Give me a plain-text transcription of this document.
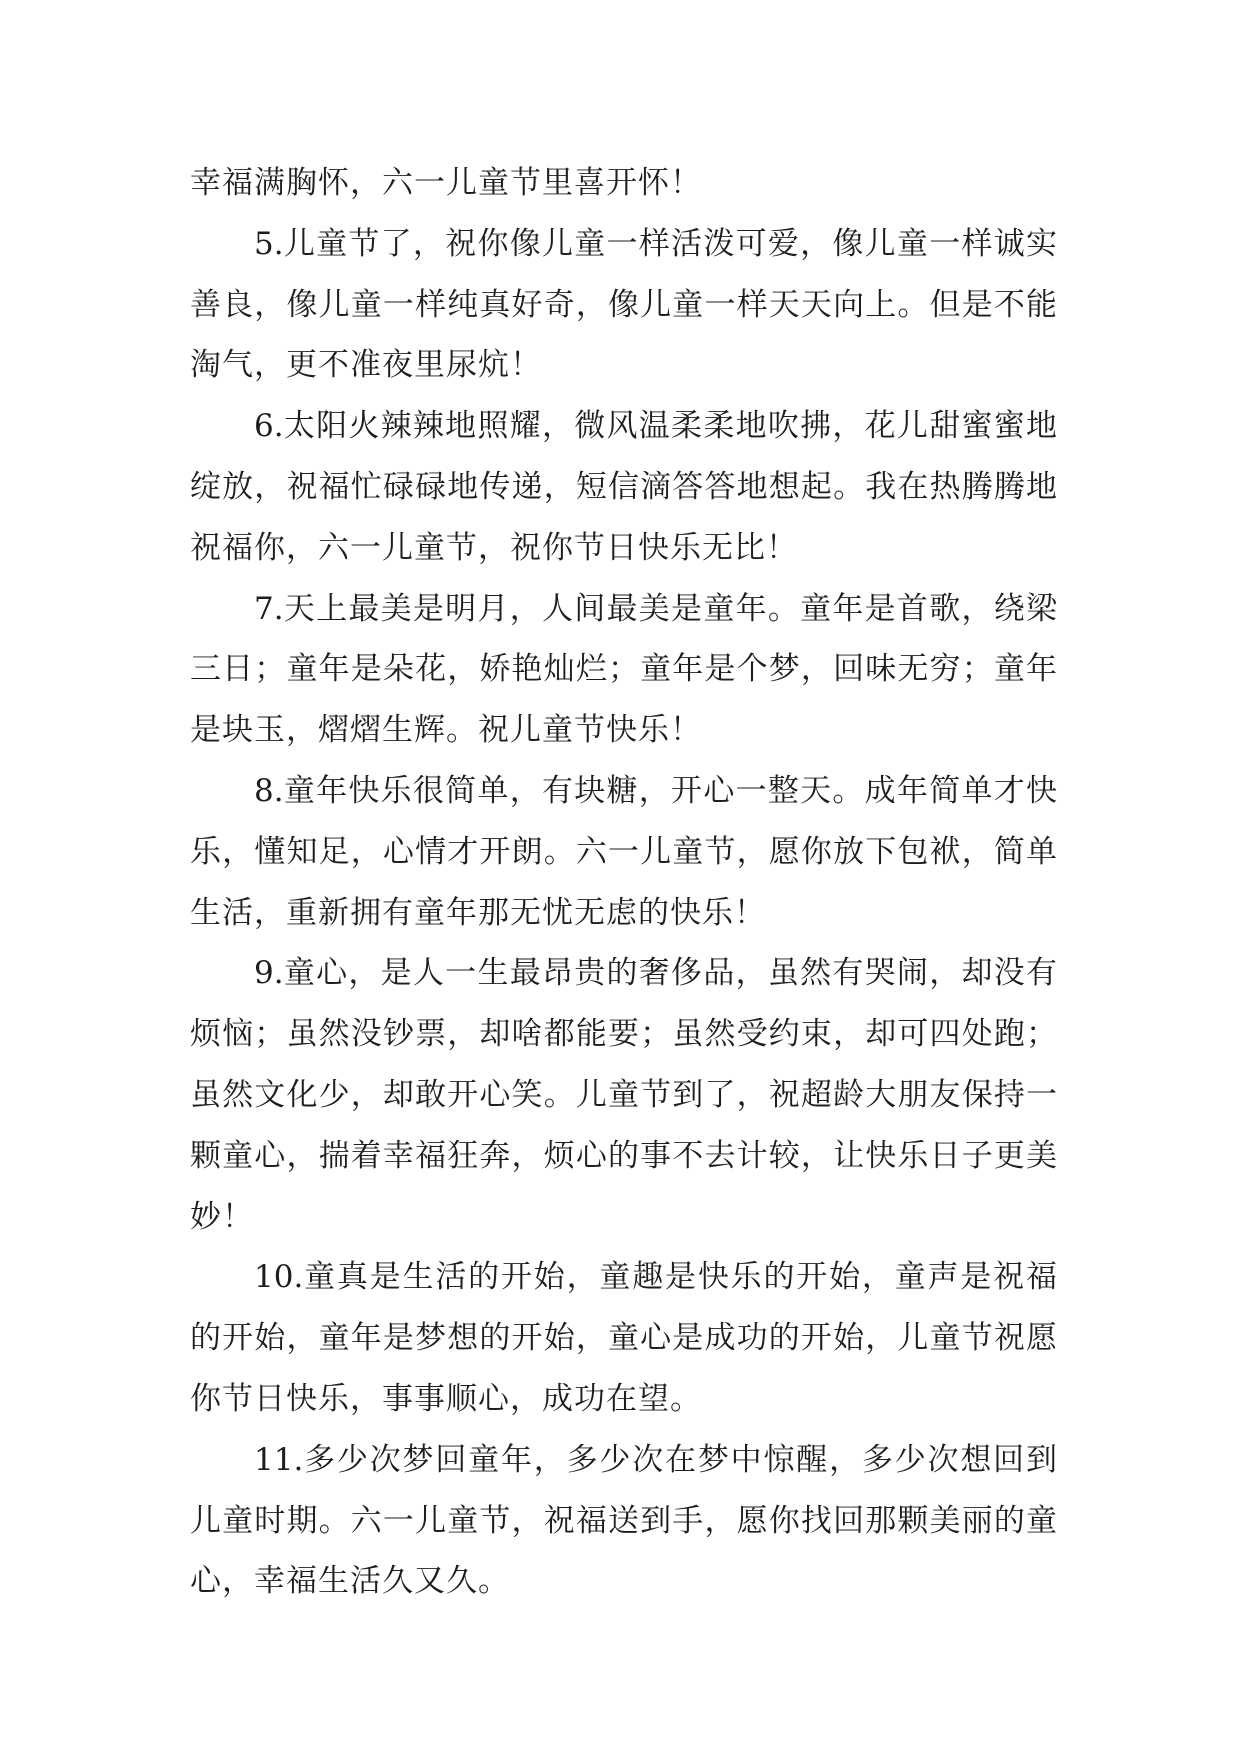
幸福满胸怀，六一儿童节里喜开怀！

5.儿童节了，祝你像儿童一样活泼可爱，像儿童一样诚实善良，像儿童一样纯真好奇，像儿童一样天天向上。但是不能淘气，更不准夜里尿炕！

6.太阳火辣辣地照耀，微风温柔柔地吹拂，花儿甜蜜蜜地绽放，祝福忙碌碌地传递，短信滴答答地想起。我在热腾腾地祝福你，六一儿童节，祝你节日快乐无比！

7.天上最美是明月，人间最美是童年。童年是首歌，绕梁三日；童年是朵花，娇艳灿烂；童年是个梦，回味无穷；童年是块玉，熠熠生辉。祝儿童节快乐！

8.童年快乐很简单，有块糖，开心一整天。成年简单才快乐，懂知足，心情才开朗。六一儿童节，愿你放下包袱，简单生活，重新拥有童年那无忧无虑的快乐！

9.童心，是人一生最昂贵的奢侈品，虽然有哭闹，却没有烦恼；虽然没钞票，却啥都能要；虽然受约束，却可四处跑；虽然文化少，却敢开心笑。儿童节到了，祝超龄大朋友保持一颗童心，揣着幸福狂奔，烦心的事不去计较，让快乐日子更美妙！

10.童真是生活的开始，童趣是快乐的开始，童声是祝福的开始，童年是梦想的开始，童心是成功的开始，儿童节祝愿你节日快乐，事事顺心，成功在望。

11.多少次梦回童年，多少次在梦中惊醒，多少次想回到儿童时期。六一儿童节，祝福送到手，愿你找回那颗美丽的童心，幸福生活久又久。
